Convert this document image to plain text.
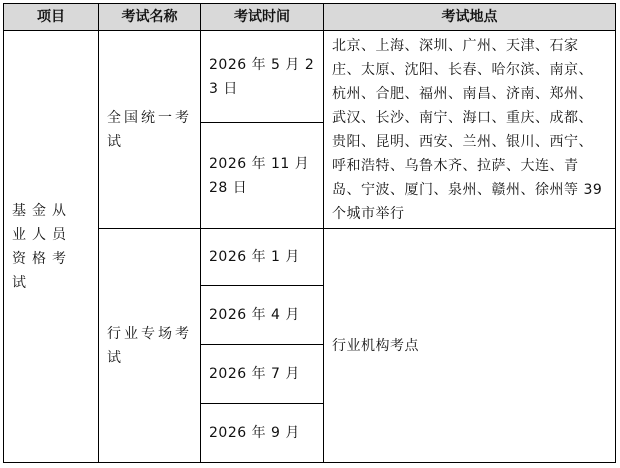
项目	考试名称	考试时间	考试地点
基金从业人员资格考试	全国统一考试	2026 年 5 月 23 日	北京、上海、深圳、广州、天津、石家庄、太原、沈阳、长春、哈尔滨、南京、杭州、合肥、福州、南昌、济南、郑州、武汉、长沙、南宁、海口、重庆、成都、贵阳、昆明、西安、兰州、银川、西宁、呼和浩特、乌鲁木齐、拉萨、大连、青岛、宁波、厦门、泉州、赣州、徐州等 39 个城市举行
		2026 年 11 月 28 日	
	行业专场考试	2026 年 1 月	行业机构考点
		2026 年 4 月	
		2026 年 7 月	
		2026 年 9 月	
